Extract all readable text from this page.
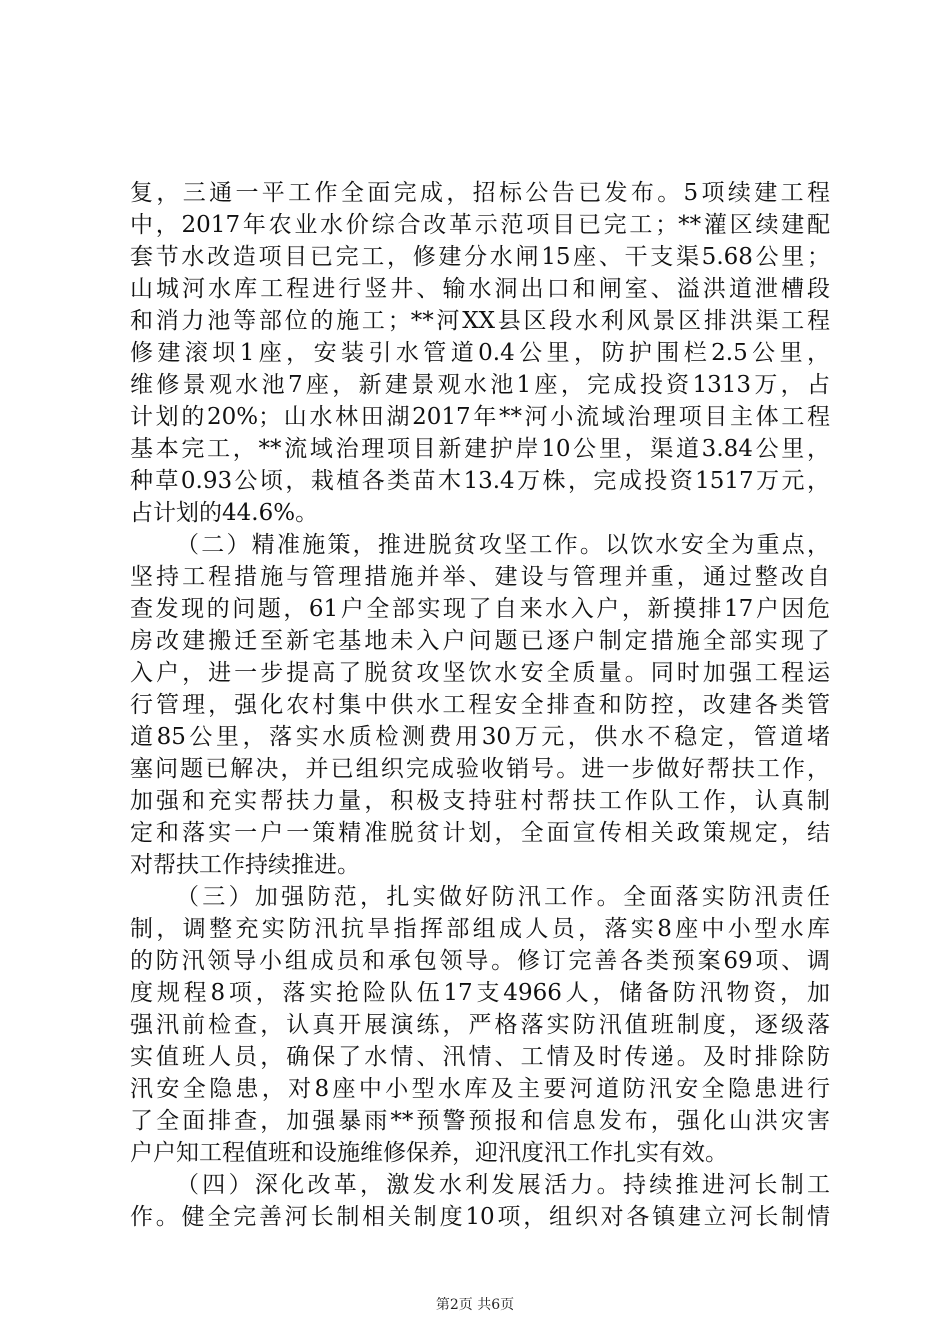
复，三通一平工作全面完成，招标公告已发布。5项续建工程
中，2017年农业水价综合改革示范项目已完工；**灌区续建配
套节水改造项目已完工，修建分水闸15座、干支渠5.68公里；
山城河水库工程进行竖井、输水洞出口和闸室、溢洪道泄槽段
和消力池等部位的施工；**河XX县区段水利风景区排洪渠工程
修建滚坝1座，安装引水管道0.4公里，防护围栏2.5公里，
维修景观水池7座，新建景观水池1座，完成投资1313万，占
计划的20%；山水林田湖2017年**河小流域治理项目主体工程
基本完工，**流域治理项目新建护岸10公里，渠道3.84公里，
种草0.93公顷，栽植各类苗木13.4万株，完成投资1517万元，
占计划的44.6%。
（二）精准施策，推进脱贫攻坚工作。以饮水安全为重点，
坚持工程措施与管理措施并举、建设与管理并重，通过整改自
查发现的问题，61户全部实现了自来水入户，新摸排17户因危
房改建搬迁至新宅基地未入户问题已逐户制定措施全部实现了
入户，进一步提高了脱贫攻坚饮水安全质量。同时加强工程运
行管理，强化农村集中供水工程安全排查和防控，改建各类管
道85公里，落实水质检测费用30万元，供水不稳定，管道堵
塞问题已解决，并已组织完成验收销号。进一步做好帮扶工作，
加强和充实帮扶力量，积极支持驻村帮扶工作队工作，认真制
定和落实一户一策精准脱贫计划，全面宣传相关政策规定，结
对帮扶工作持续推进。
（三）加强防范，扎实做好防汛工作。全面落实防汛责任
制，调整充实防汛抗旱指挥部组成人员，落实8座中小型水库
的防汛领导小组成员和承包领导。修订完善各类预案69项、调
度规程8项，落实抢险队伍17支4966人，储备防汛物资，加
强汛前检查，认真开展演练，严格落实防汛值班制度，逐级落
实值班人员，确保了水情、汛情、工情及时传递。及时排除防
汛安全隐患，对8座中小型水库及主要河道防汛安全隐患进行
了全面排查，加强暴雨**预警预报和信息发布，强化山洪灾害
户户知工程值班和设施维修保养，迎汛度汛工作扎实有效。
（四）深化改革，激发水利发展活力。持续推进河长制工
作。健全完善河长制相关制度10项，组织对各镇建立河长制情
第2页 共6页
